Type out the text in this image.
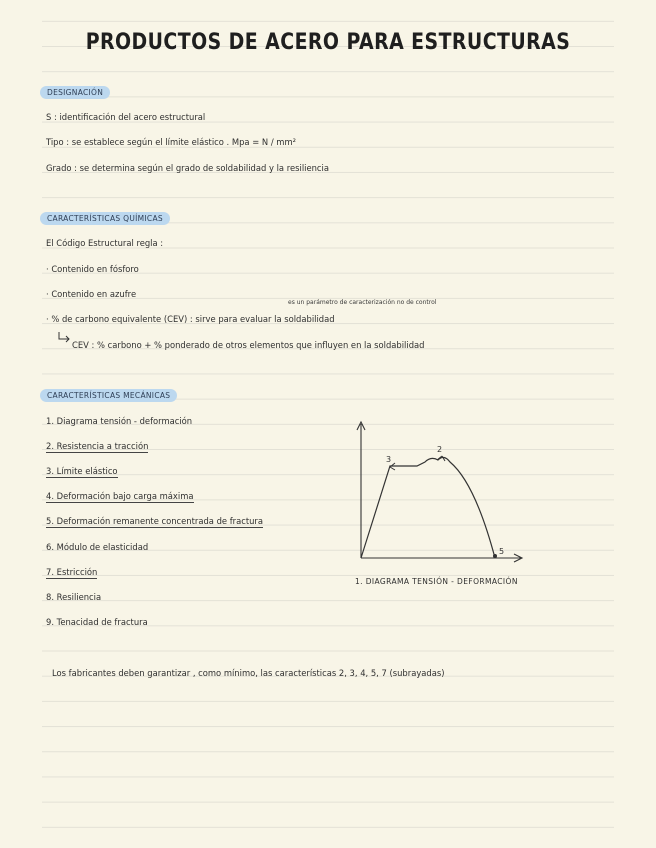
PRODUCTOS DE ACERO PARA ESTRUCTURAS
DESIGNACIÓN
S : identificación del acero estructural
Tipo : se establece según el límite elástico . Mpa = N / mm²
Grado : se determina según el grado de soldabilidad y la resiliencia
CARACTERÍSTICAS QUÍMICAS
El Código Estructural regla :
· Contenido en fósforo
· Contenido en azufre
es un parámetro de caracterización no de control
· % de carbono equivalente (CEV) : sirve para evaluar la soldabilidad
CEV : % carbono + % ponderado de otros elementos que influyen en la soldabilidad
CARACTERÍSTICAS MECÁNICAS
1. Diagrama tensión - deformación
2. Resistencia a tracción
3. Límite elástico
4. Deformación bajo carga máxima
5. Deformación remanente concentrada de fractura
6. Módulo de elasticidad
7. Estricción
8. Resiliencia
9. Tenacidad de fractura
3
2
5
1. DIAGRAMA TENSIÓN - DEFORMACIÓN
Los fabricantes deben garantizar , como mínimo, las características 2, 3, 4, 5, 7 (subrayadas)
